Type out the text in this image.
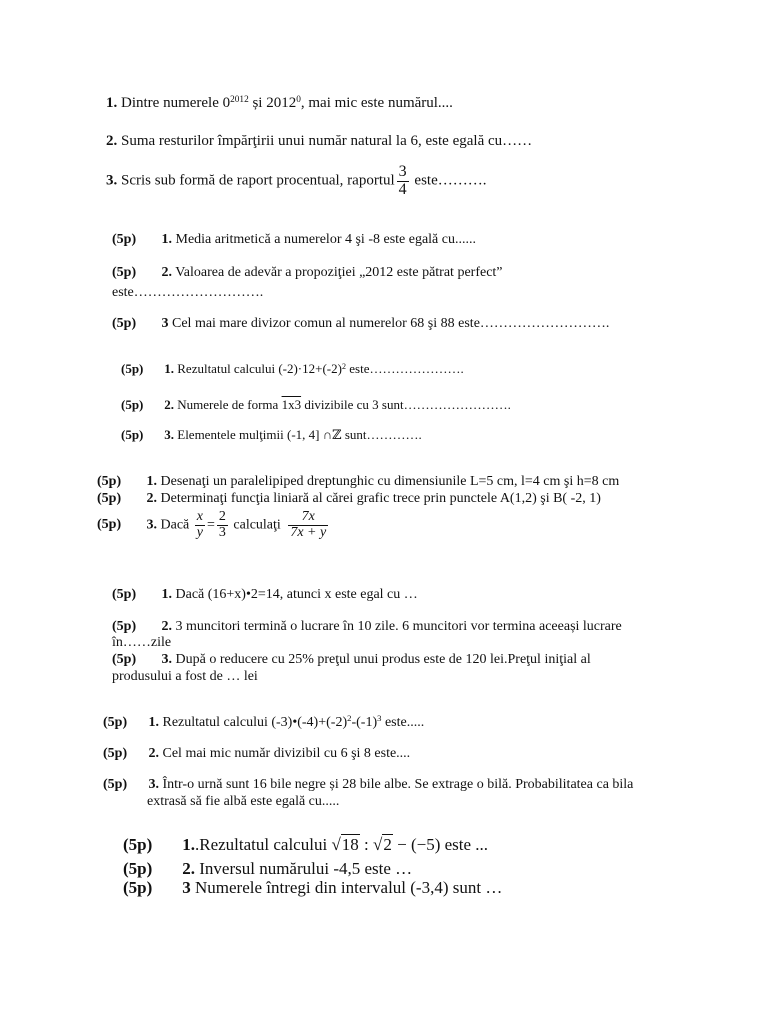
1. Dintre numerele $0^{2012}$ și 2012$^0$, mai mic este numărul....
2. Suma resturilor împărţirii unui număr natural la 6, este egală cu……
3. Scris sub formă de raport procentual, raportul $\frac{3}{4}$ este……….
(5p) 1. Media aritmetică a numerelor 4 şi -8 este egală cu......
(5p) 2. Valoarea de adevăr a propoziţiei „2012 este pătrat perfect”
este……………………….
(5p) 3 Cel mai mare divizor comun al numerelor 68 şi 88 este……………………….
(5p) 1. Rezultatul calcului $(-2)\cdot 12+(-2)^2$ este………………….
(5p) 2. Numerele de forma 1x3 divizibile cu 3 sunt…………………….
(5p) 3. Elementele mulţimii (-1, 4] ∩ℤ sunt………….
(5p) 1. Desenaţi un paralelipiped dreptunghic cu dimensiunile L=5 cm, l=4 cm şi h=8 cm
(5p) 2. Determinaţi funcţia liniară al cărei grafic trece prin punctele A(1,2) şi B( -2, 1)
(5p) 3. Dacă $\frac{x}{y} = \frac{2}{3}$ calculaţi $\frac{7x}{7x + y}$
(5p) 1. Dacă (16+x)•2=14, atunci x este egal cu …
(5p) 2. 3 muncitori termină o lucrare în 10 zile. 6 muncitori vor termina aceeași lucrare
în……zile
(5p) 3. După o reducere cu 25% preţul unui produs este de 120 lei.Preţul iniţial al
produsului a fost de … lei
(5p) 1. Rezultatul calcului $(-3)•(-4)+(-2)^2-(-1)^3$ este.....
(5p) 2. Cel mai mic număr divizibil cu 6 şi 8 este....
(5p) 3. Într-o urnă sunt 16 bile negre și 28 bile albe. Se extrage o bilă. Probabilitatea ca bila
extrasă să fie albă este egală cu.....
(5p) 1..Rezultatul calcului √18 : √2 − (−5) este ...
(5p) 2. Inversul numărului -4,5 este …
(5p) 3 Numerele întregi din intervalul (-3,4) sunt …
